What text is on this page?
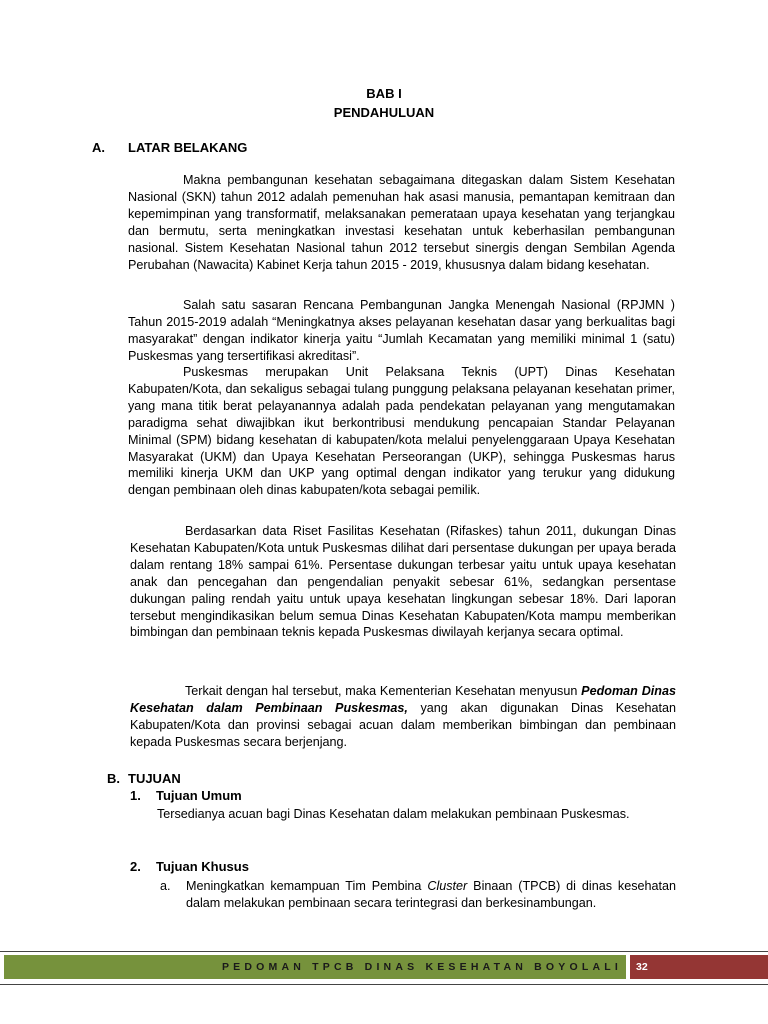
BAB I
PENDAHULUAN
A. LATAR BELAKANG

Makna pembangunan kesehatan sebagaimana ditegaskan dalam Sistem Kesehatan Nasional (SKN) tahun 2012 adalah pemenuhan hak asasi manusia, pemantapan kemitraan dan kepemimpinan yang transformatif, melaksanakan pemerataan upaya kesehatan yang terjangkau dan bermutu, serta meningkatkan investasi kesehatan untuk keberhasilan pembangunan nasional. Sistem Kesehatan Nasional tahun 2012 tersebut sinergis dengan Sembilan Agenda Perubahan (Nawacita) Kabinet Kerja tahun 2015 - 2019, khususnya dalam bidang kesehatan.

Salah satu sasaran Rencana Pembangunan Jangka Menengah Nasional (RPJMN ) Tahun 2015-2019 adalah “Meningkatnya akses pelayanan kesehatan dasar yang berkualitas bagi masyarakat” dengan indikator kinerja yaitu “Jumlah Kecamatan yang memiliki minimal 1 (satu) Puskesmas yang tersertifikasi akreditasi”.

Puskesmas merupakan Unit Pelaksana Teknis (UPT) Dinas Kesehatan Kabupaten/Kota, dan sekaligus sebagai tulang punggung pelaksana pelayanan kesehatan primer, yang mana titik berat pelayanannya adalah pada pendekatan pelayanan yang mengutamakan paradigma sehat diwajibkan ikut berkontribusi mendukung pencapaian Standar Pelayanan Minimal (SPM) bidang kesehatan di kabupaten/kota melalui penyelenggaraan Upaya Kesehatan Masyarakat (UKM) dan Upaya Kesehatan Perseorangan (UKP), sehingga Puskesmas harus memiliki kinerja UKM dan UKP yang optimal dengan indikator yang terukur yang didukung dengan pembinaan oleh dinas kabupaten/kota sebagai pemilik.

Berdasarkan data Riset Fasilitas Kesehatan (Rifaskes) tahun 2011, dukungan Dinas Kesehatan Kabupaten/Kota untuk Puskesmas dilihat dari persentase dukungan per upaya berada dalam rentang 18% sampai 61%. Persentase dukungan terbesar yaitu untuk upaya kesehatan anak dan pencegahan dan pengendalian penyakit sebesar 61%, sedangkan persentase dukungan paling rendah yaitu untuk upaya kesehatan lingkungan sebesar 18%. Dari laporan tersebut mengindikasikan belum semua Dinas Kesehatan Kabupaten/Kota mampu memberikan bimbingan dan pembinaan teknis kepada Puskesmas diwilayah kerjanya secara optimal.

Terkait dengan hal tersebut, maka Kementerian Kesehatan menyusun Pedoman Dinas Kesehatan dalam Pembinaan Puskesmas, yang akan digunakan Dinas Kesehatan Kabupaten/Kota dan provinsi sebagai acuan dalam memberikan bimbingan dan pembinaan kepada Puskesmas secara berjenjang.

B. TUJUAN
1. Tujuan Umum

Tersedianya acuan bagi Dinas Kesehatan dalam melakukan pembinaan Puskesmas.

2. Tujuan Khusus
a. Meningkatkan kemampuan Tim Pembina Cluster Binaan (TPCB) di dinas kesehatan dalam melakukan pembinaan secara terintegrasi dan berkesinambungan.

PEDOMAN TPCB DINAS KESEHATAN BOYOLALI 32
